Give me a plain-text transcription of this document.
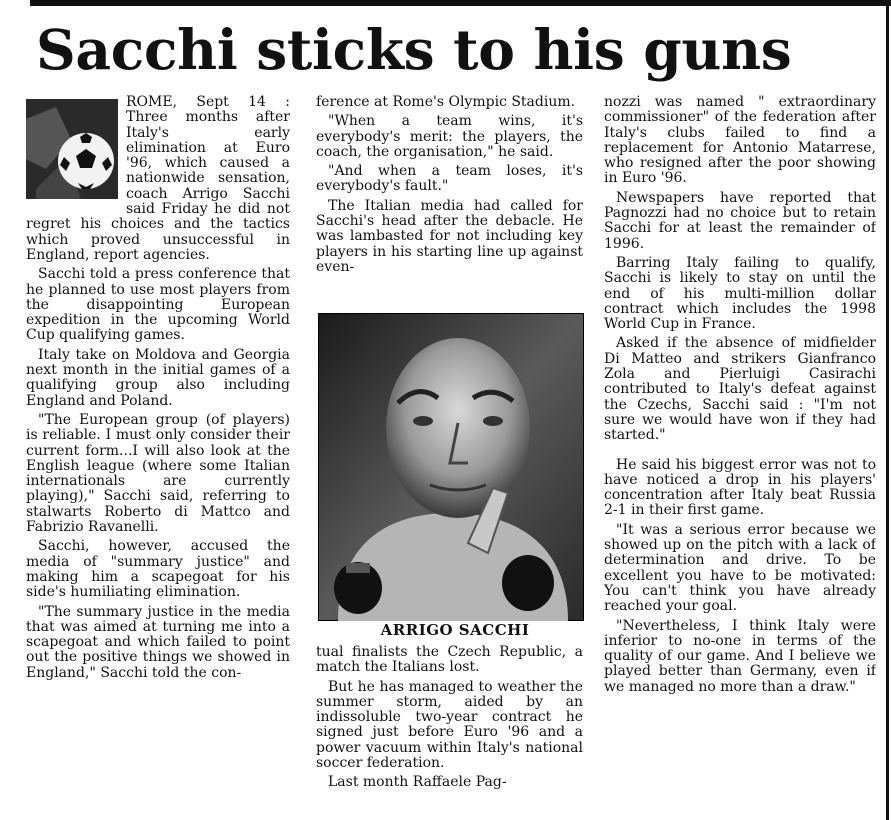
Sacchi sticks to his guns

ROME, Sept 14 : Three months after Italy's early elimination at Euro '96, which caused a nationwide sensation, coach Arrigo Sacchi said Friday he did not regret his choices and the tactics which proved unsuccessful in England, report agencies.

Sacchi told a press conference that he planned to use most players from the disappointing European expedition in the upcoming World Cup qualifying games.

Italy take on Moldova and Georgia next month in the initial games of a qualifying group also including England and Poland.

"The European group (of players) is reliable. I must only consider their current form...I will also look at the English league (where some Italian internationals are currently playing)," Sacchi said, referring to stalwarts Roberto di Mattco and Fabrizio Ravanelli.

Sacchi, however, accused the media of "summary justice" and making him a scapegoat for his side's humiliating elimination.

"The summary justice in the media that was aimed at turning me into a scapegoat and which failed to point out the positive things we showed in England," Sacchi told the con-

ference at Rome's Olympic Stadium.

"When a team wins, it's everybody's merit: the players, the coach, the organisation," he said.

"And when a team loses, it's everybody's fault."

The Italian media had called for Sacchi's head after the debacle. He was lambasted for not including key players in his starting line up against even-

ARRIGO SACCHI

tual finalists the Czech Republic, a match the Italians lost.

But he has managed to weather the summer storm, aided by an indissoluble two-year contract he signed just before Euro '96 and a power vacuum within Italy's national soccer federation.

Last month Raffaele Pag-

nozzi was named " extraordinary commissioner" of the federation after Italy's clubs failed to find a replacement for Antonio Matarrese, who resigned after the poor showing in Euro '96.

Newspapers have reported that Pagnozzi had no choice but to retain Sacchi for at least the remainder of 1996.

Barring Italy failing to qualify, Sacchi is likely to stay on until the end of his multi-million dollar contract which includes the 1998 World Cup in France.

Asked if the absence of midfielder Di Matteo and strikers Gianfranco Zola and Pierluigi Casirachi contributed to Italy's defeat against the Czechs, Sacchi said : "I'm not sure we would have won if they had started."

He said his biggest error was not to have noticed a drop in his players' concentration after Italy beat Russia 2-1 in their first game.

"It was a serious error because we showed up on the pitch with a lack of determination and drive. To be excellent you have to be motivated: You can't think you have already reached your goal.

"Nevertheless, I think Italy were inferior to no-one in terms of the quality of our game. And I believe we played better than Germany, even if we managed no more than a draw."
